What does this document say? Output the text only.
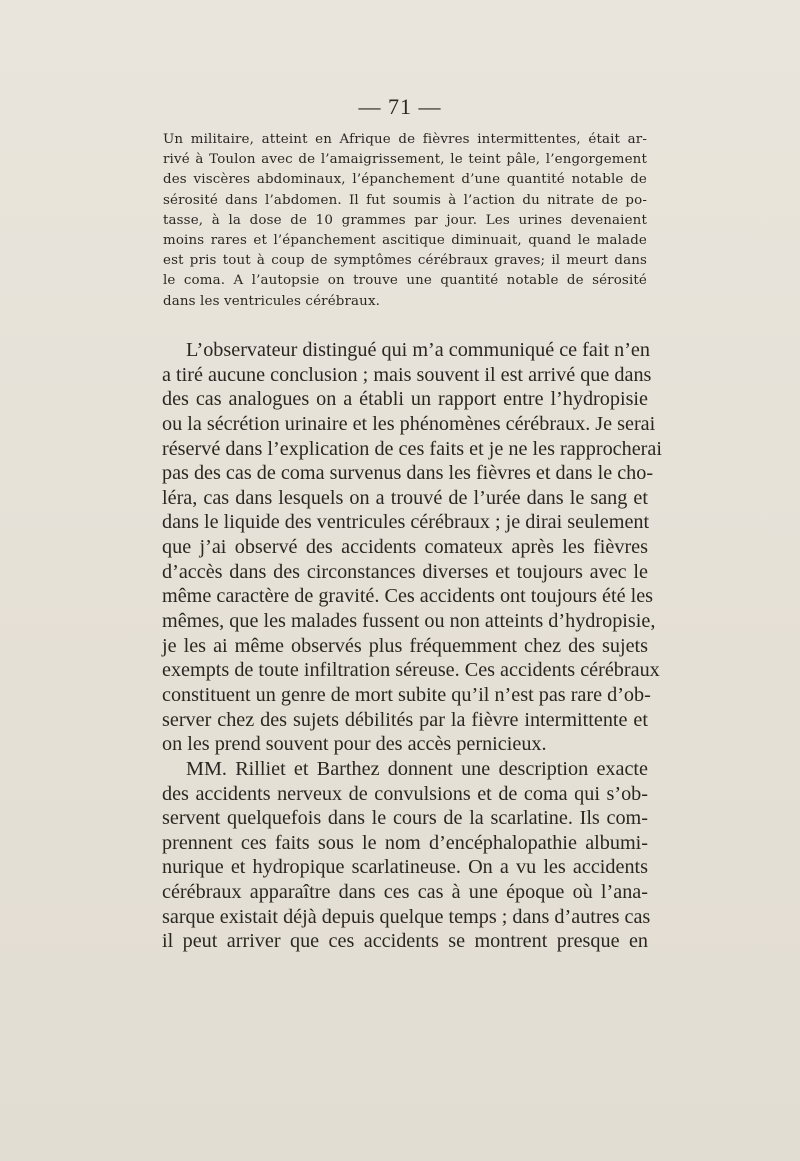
— 71 —
Un militaire, atteint en Afrique de fièvres intermittentes, était ar-
rivé à Toulon avec de l’amaigrissement, le teint pâle, l’engorgement
des viscères abdominaux, l’épanchement d’une quantité notable de
sérosité dans l’abdomen. Il fut soumis à l’action du nitrate de po-
tasse, à la dose de 10 grammes par jour. Les urines devenaient
moins rares et l’épanchement ascitique diminuait, quand le malade
est pris tout à coup de symptômes cérébraux graves; il meurt dans
le coma. A l’autopsie on trouve une quantité notable de sérosité
dans les ventricules cérébraux.
L’observateur distingué qui m’a communiqué ce fait n’en
a tiré aucune conclusion ; mais souvent il est arrivé que dans
des cas analogues on a établi un rapport entre l’hydropisie
ou la sécrétion urinaire et les phénomènes cérébraux. Je serai
réservé dans l’explication de ces faits et je ne les rapprocherai
pas des cas de coma survenus dans les fièvres et dans le cho-
léra, cas dans lesquels on a trouvé de l’urée dans le sang et
dans le liquide des ventricules cérébraux ; je dirai seulement
que j’ai observé des accidents comateux après les fièvres
d’accès dans des circonstances diverses et toujours avec le
même caractère de gravité. Ces accidents ont toujours été les
mêmes, que les malades fussent ou non atteints d’hydropisie,
je les ai même observés plus fréquemment chez des sujets
exempts de toute infiltration séreuse. Ces accidents cérébraux
constituent un genre de mort subite qu’il n’est pas rare d’ob-
server chez des sujets débilités par la fièvre intermittente et
on les prend souvent pour des accès pernicieux.
MM. Rilliet et Barthez donnent une description exacte
des accidents nerveux de convulsions et de coma qui s’ob-
servent quelquefois dans le cours de la scarlatine. Ils com-
prennent ces faits sous le nom d’encéphalopathie albumi-
nurique et hydropique scarlatineuse. On a vu les accidents
cérébraux apparaître dans ces cas à une époque où l’ana-
sarque existait déjà depuis quelque temps ; dans d’autres cas
il peut arriver que ces accidents se montrent presque en
